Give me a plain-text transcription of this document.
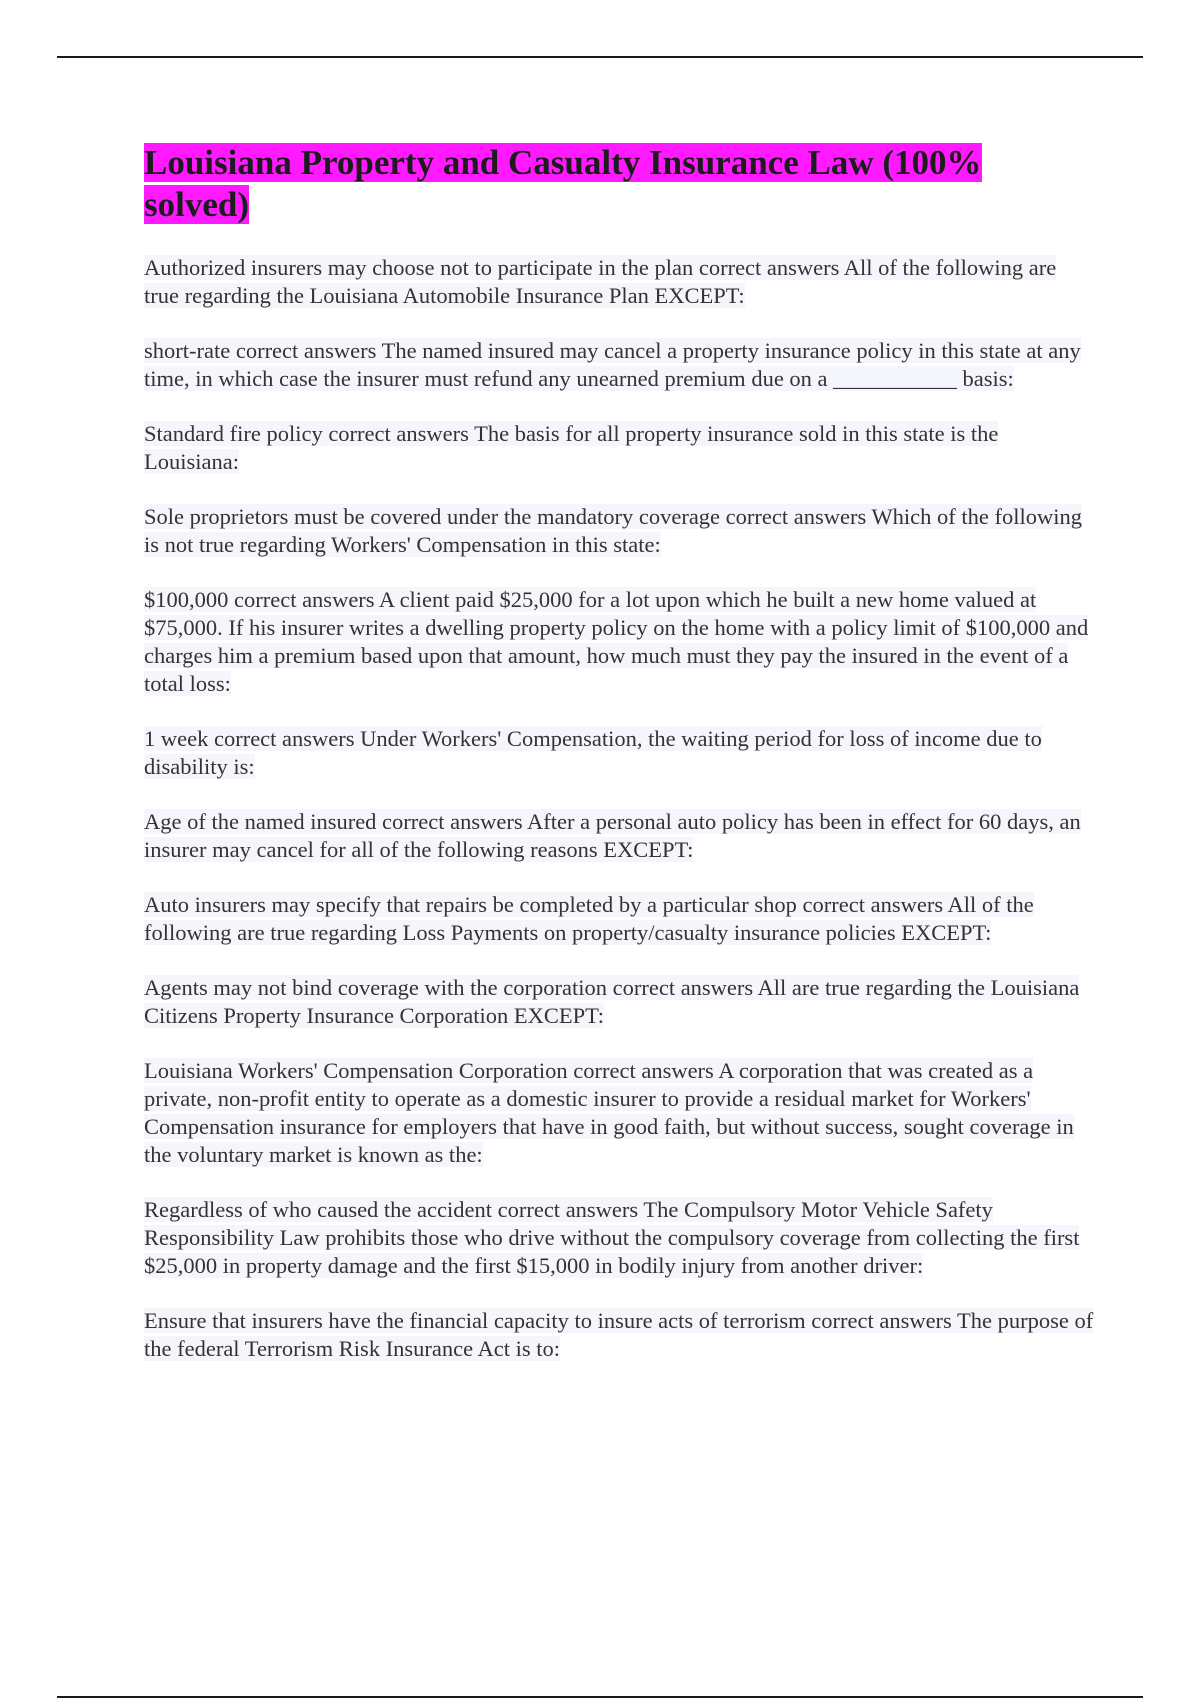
Louisiana Property and Casualty Insurance Law (100% solved)

Authorized insurers may choose not to participate in the plan correct answers All of the following are true regarding the Louisiana Automobile Insurance Plan EXCEPT:

short-rate correct answers The named insured may cancel a property insurance policy in this state at any time, in which case the insurer must refund any unearned premium due on a ___________ basis:

Standard fire policy correct answers The basis for all property insurance sold in this state is the Louisiana:

Sole proprietors must be covered under the mandatory coverage correct answers Which of the following is not true regarding Workers' Compensation in this state:

$100,000 correct answers A client paid $25,000 for a lot upon which he built a new home valued at $75,000. If his insurer writes a dwelling property policy on the home with a policy limit of $100,000 and charges him a premium based upon that amount, how much must they pay the insured in the event of a total loss:

1 week correct answers Under Workers' Compensation, the waiting period for loss of income due to disability is:

Age of the named insured correct answers After a personal auto policy has been in effect for 60 days, an insurer may cancel for all of the following reasons EXCEPT:

Auto insurers may specify that repairs be completed by a particular shop correct answers All of the following are true regarding Loss Payments on property/casualty insurance policies EXCEPT:

Agents may not bind coverage with the corporation correct answers All are true regarding the Louisiana Citizens Property Insurance Corporation EXCEPT:

Louisiana Workers' Compensation Corporation correct answers A corporation that was created as a private, non-profit entity to operate as a domestic insurer to provide a residual market for Workers' Compensation insurance for employers that have in good faith, but without success, sought coverage in the voluntary market is known as the:

Regardless of who caused the accident correct answers The Compulsory Motor Vehicle Safety Responsibility Law prohibits those who drive without the compulsory coverage from collecting the first $25,000 in property damage and the first $15,000 in bodily injury from another driver:

Ensure that insurers have the financial capacity to insure acts of terrorism correct answers The purpose of the federal Terrorism Risk Insurance Act is to:
